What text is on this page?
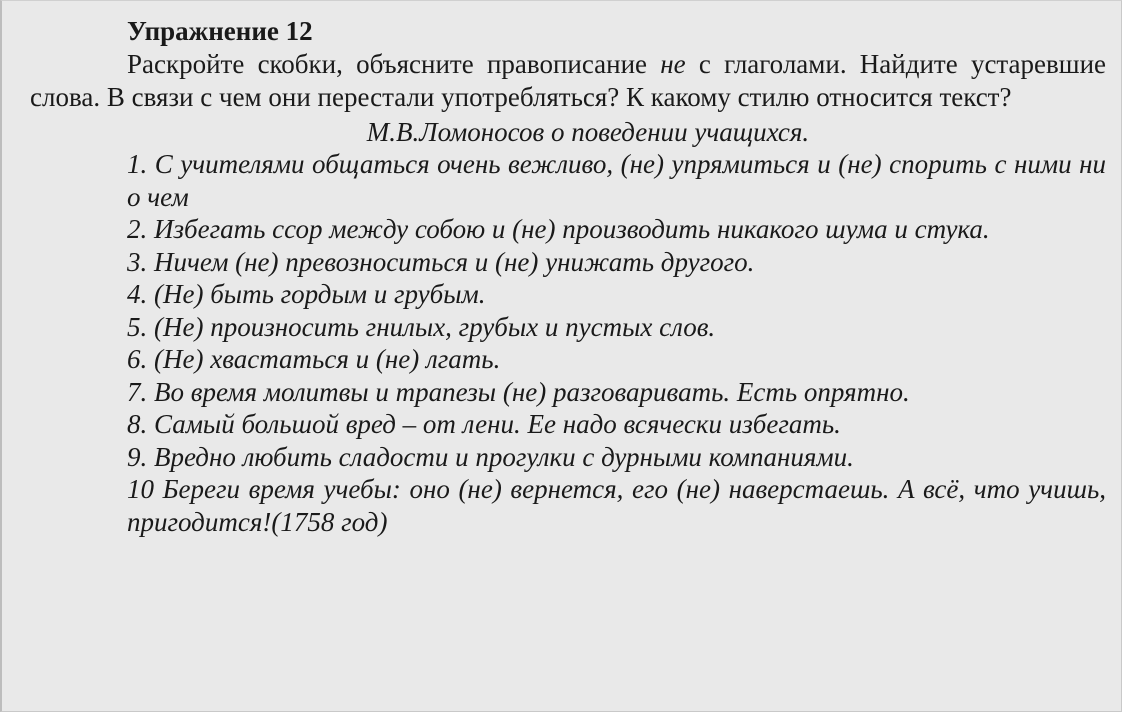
Упражнение 12

Раскройте скобки, объясните правописание не с глаголами. Найдите устаревшие слова. В связи с чем они перестали употребляться? К какому стилю относится текст?

М.В.Ломоносов о поведении учащихся.

1. С учителями общаться очень вежливо, (не) упрямиться и (не) спорить с ними ни о чем
2. Избегать ссор между собою и (не) производить никакого шума и стука.
3. Ничем (не) превозноситься и (не) унижать другого.
4. (Не) быть гордым и грубым.
5. (Не) произносить гнилых, грубых и пустых слов.
6. (Не) хвастаться и (не) лгать.
7. Во время молитвы и трапезы (не) разговаривать. Есть опрятно.
8. Самый большой вред – от лени. Ее надо всячески избегать.
9. Вредно любить сладости и прогулки с дурными компаниями.
10 Береги время учебы: оно (не) вернется, его (не) наверстаешь. А всё, что учишь, пригодится!(1758 год)
